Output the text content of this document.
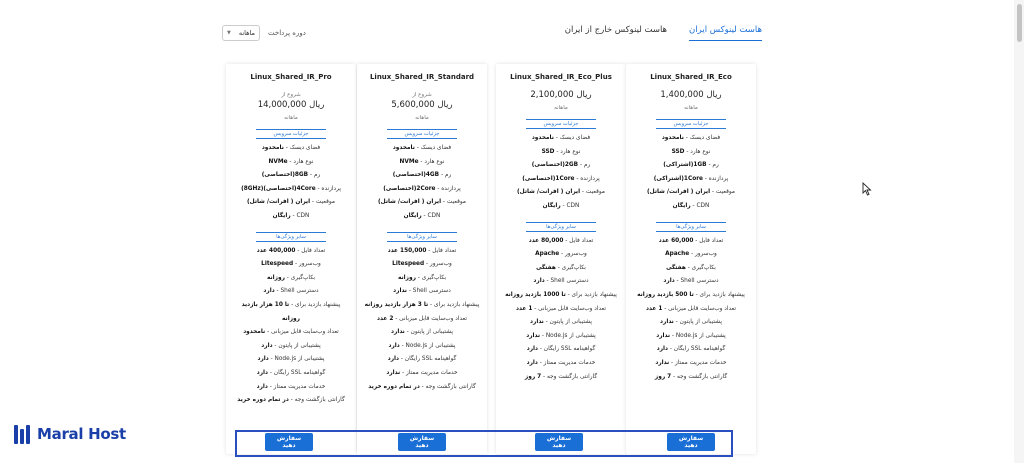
هاست لینوکس ایران
هاست لینوکس خارج از ایران
▼ ماهانه دوره پرداخت
Linux_Shared_IR_Pro
شروع از
14,000,000 ریال
ماهانه
جزئیات سرویس
فضای دیسک - نامحدود
نوع هارد - NVMe
رم - 8GB(اختصاصی)
پردازنده - 4Core(اختصاصی)(8GHz)
موقعیت - ایران ( افرانت/ شاتل)
CDN - رایگان
سایر ویژگی‌ها
تعداد فایل - 400,000 عدد
وب‌سرور - Litespeed
بکاپ‌گیری - روزانه
دسترسی Shell - دارد
پیشنهاد بازدید برای - تا 10 هزار بازدید روزانه
تعداد وب‌سایت قابل میزبانی - نامحدود
پشتیبانی از پایتون - دارد
پشتیبانی از Node.js - دارد
گواهینامه SSL رایگان - دارد
خدمات مدیریت ممتاز - دارد
گارانتی بازگشت وجه - در تمام دوره خرید
Linux_Shared_IR_Standard
شروع از
5,600,000 ریال
ماهانه
جزئیات سرویس
فضای دیسک - نامحدود
نوع هارد - NVMe
رم - 4GB(اختصاصی)
پردازنده - 2Core(اختصاصی)
موقعیت - ایران ( افرانت/ شاتل)
CDN - رایگان
سایر ویژگی‌ها
تعداد فایل - 150,000 عدد
وب‌سرور - Litespeed
بکاپ‌گیری - روزانه
دسترسی Shell - ندارد
پیشنهاد بازدید برای - تا 3 هزار بازدید روزانه
تعداد وب‌سایت قابل میزبانی - 2 عدد
پشتیبانی از پایتون - ندارد
پشتیبانی از Node.js - دارد
گواهینامه SSL رایگان - دارد
خدمات مدیریت ممتاز - ندارد
گارانتی بازگشت وجه - در تمام دوره خرید
Linux_Shared_IR_Eco_Plus
2,100,000 ریال
ماهانه
جزئیات سرویس
فضای دیسک - نامحدود
نوع هارد - SSD
رم - 2GB(اختصاصی)
پردازنده - 1Core(اختصاصی)
موقعیت - ایران ( افرانت/ شاتل)
CDN - رایگان
سایر ویژگی‌ها
تعداد فایل - 80,000 عدد
وب‌سرور - Apache
بکاپ‌گیری - هفتگی
دسترسی Shell - دارد
پیشنهاد بازدید برای - تا 1000 بازدید روزانه
تعداد وب‌سایت قابل میزبانی - 1 عدد
پشتیبانی از پایتون - ندارد
پشتیبانی از Node.js - ندارد
گواهینامه SSL رایگان - دارد
خدمات مدیریت ممتاز - دارد
گارانتی بازگشت وجه - 7 روز
Linux_Shared_IR_Eco
1,400,000 ریال
ماهانه
جزئیات سرویس
فضای دیسک - نامحدود
نوع هارد - SSD
رم - 1GB(اشتراکی)
پردازنده - 1Core(اشتراکی)
موقعیت - ایران ( افرانت/ شاتل)
CDN - رایگان
سایر ویژگی‌ها
تعداد فایل - 60,000 عدد
وب‌سرور - Apache
بکاپ‌گیری - هفتگی
دسترسی Shell - دارد
پیشنهاد بازدید برای - تا 500 بازدید روزانه
تعداد وب‌سایت قابل میزبانی - 1 عدد
پشتیبانی از پایتون - ندارد
پشتیبانی از Node.js - ندارد
گواهینامه SSL رایگان - دارد
خدمات مدیریت ممتاز - ندارد
گارانتی بازگشت وجه - 7 روز
سفارش دهید
سفارش دهید
سفارش دهید
سفارش دهید
Maral Host
